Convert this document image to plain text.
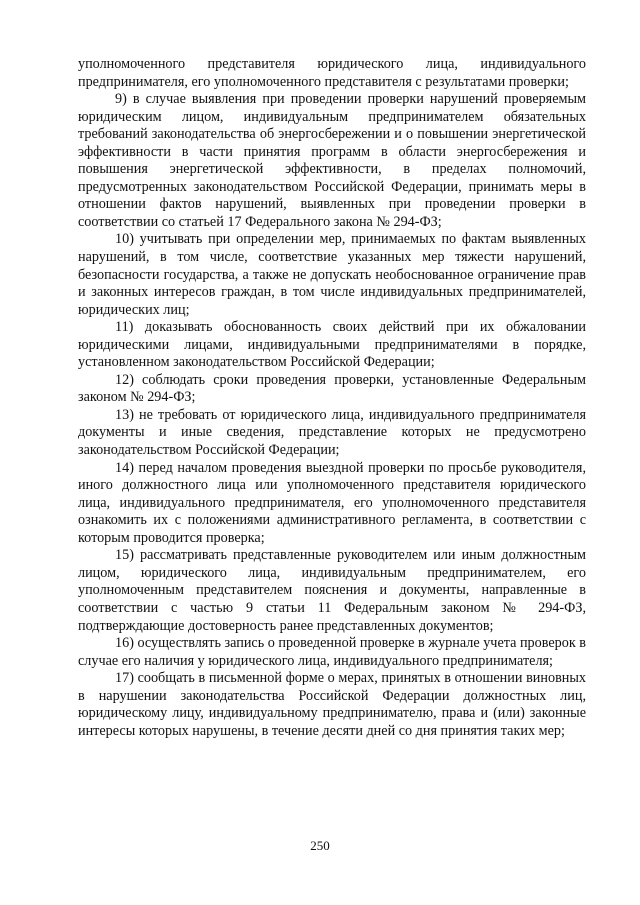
уполномоченного представителя юридического лица, индивидуального предпринимателя, его уполномоченного представителя с результатами проверки;

9) в случае выявления при проведении проверки нарушений проверяемым юридическим лицом, индивидуальным предпринимателем обязательных требований законодательства об энергосбережении и о повышении энергетической эффективности в части принятия программ в области энергосбережения и повышения энергетической эффективности, в пределах полномочий, предусмотренных законодательством Российской Федерации, принимать меры в отношении фактов нарушений, выявленных при проведении проверки в соответствии со статьей 17 Федерального закона № 294-ФЗ;

10) учитывать при определении мер, принимаемых по фактам выявленных нарушений, в том числе, соответствие указанных мер тяжести нарушений, безопасности государства, а также не допускать необоснованное ограничение прав и законных интересов граждан, в том числе индивидуальных предпринимателей, юридических лиц;

11) доказывать обоснованность своих действий при их обжаловании юридическими лицами, индивидуальными предпринимателями в порядке, установленном законодательством Российской Федерации;

12) соблюдать сроки проведения проверки, установленные Федеральным законом № 294-ФЗ;

13) не требовать от юридического лица, индивидуального предпринимателя документы и иные сведения, представление которых не предусмотрено законодательством Российской Федерации;

14) перед началом проведения выездной проверки по просьбе руководителя, иного должностного лица или уполномоченного представителя юридического лица, индивидуального предпринимателя, его уполномоченного представителя ознакомить их с положениями административного регламента, в соответствии с которым проводится проверка;

15) рассматривать представленные руководителем или иным должностным лицом, юридического лица, индивидуальным предпринимателем, его уполномоченным представителем пояснения и документы, направленные в соответствии с частью 9 статьи 11 Федеральным законом № 294-ФЗ, подтверждающие достоверность ранее представленных документов;

16) осуществлять запись о проведенной проверке в журнале учета проверок в случае его наличия у юридического лица, индивидуального предпринимателя;

17) сообщать в письменной форме о мерах, принятых в отношении виновных в нарушении законодательства Российской Федерации должностных лиц, юридическому лицу, индивидуальному предпринимателю, права и (или) законные интересы которых нарушены, в течение десяти дней со дня принятия таких мер;

250
